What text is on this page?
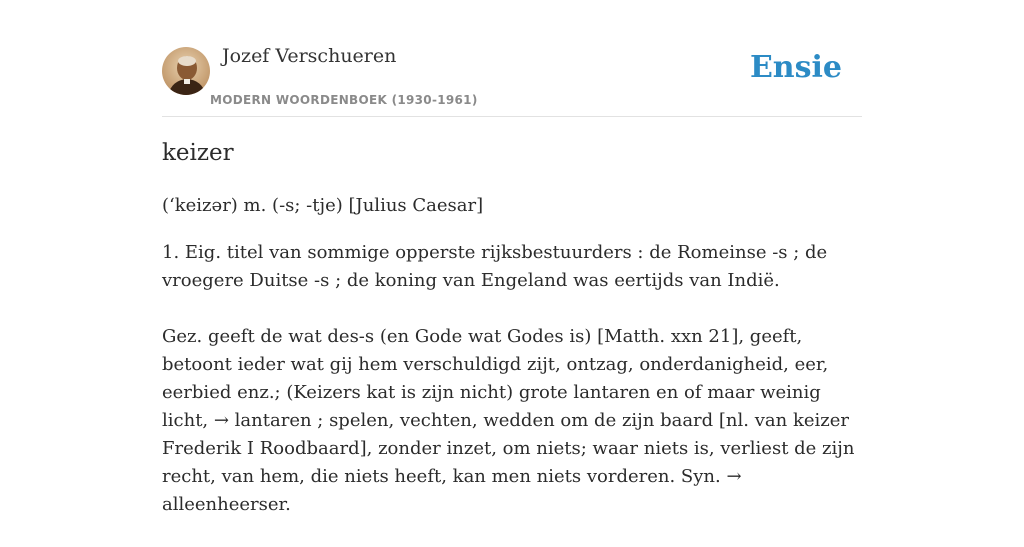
Jozef Verschueren
MODERN WOORDENBOEK (1930-1961)
Ensie
keizer
(‘keizər) m. (-s; -tje) [Julius Caesar]

1. Eig. titel van sommige opperste rijksbestuurders : de Romeinse -s ; de vroegere Duitse -s ; de koning van Engeland was eertijds van Indië.

Gez. geeft de wat des-s (en Gode wat Godes is) [Matth. xxn 21], geeft, betoont ieder wat gij hem verschuldigd zijt, ontzag, onderdanigheid, eer, eerbied enz.; (Keizers kat is zijn nicht) grote lantaren en of maar weinig licht, → lantaren ; spelen, vechten, wedden om de zijn baard [nl. van keizer Frederik I Roodbaard], zonder inzet, om niets; waar niets is, verliest de zijn recht, van hem, die niets heeft, kan men niets vorderen. Syn. → alleenheerser.
